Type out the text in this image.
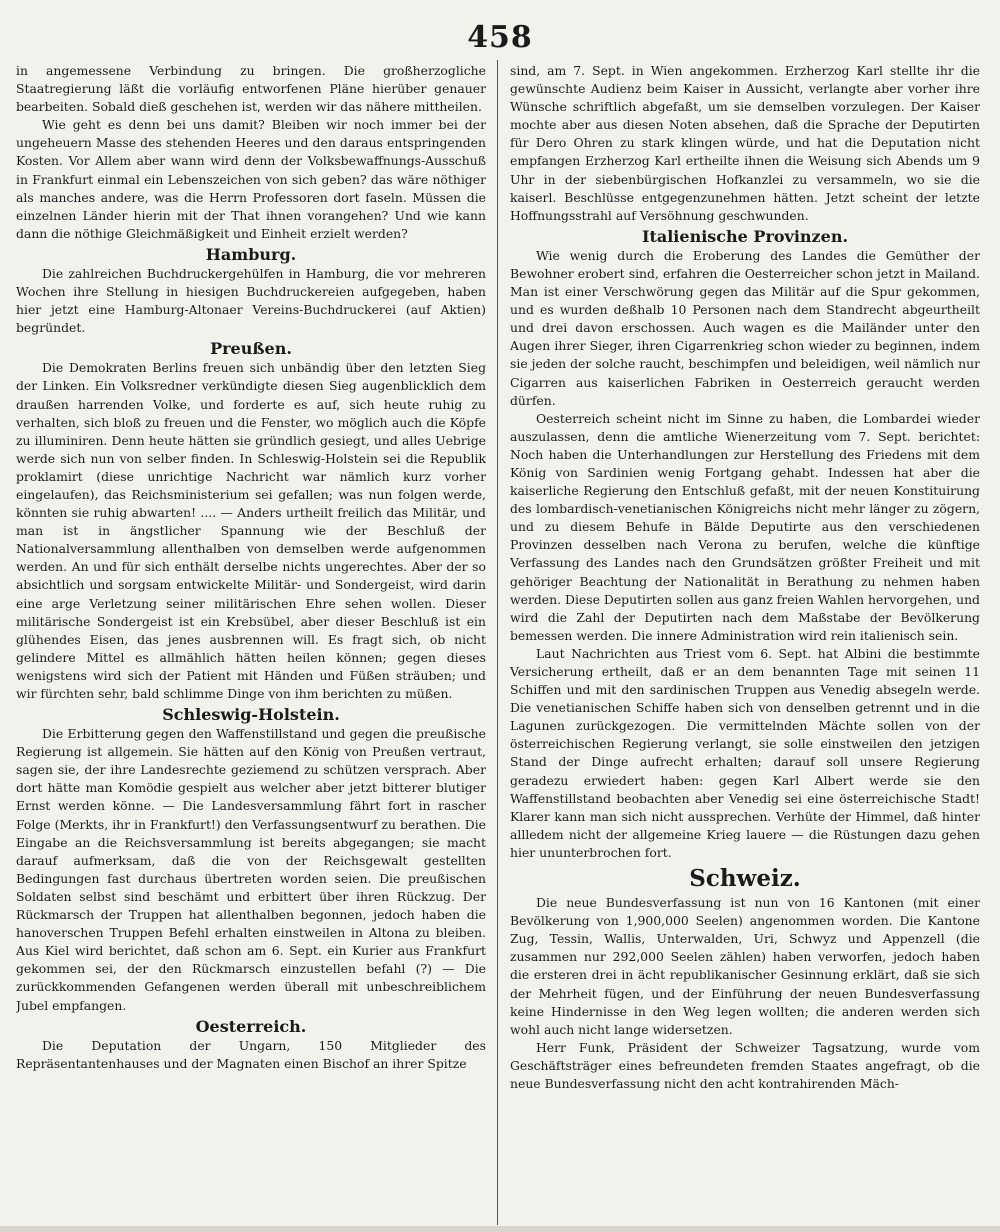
458

in angemessene Verbindung zu bringen. Die großherzogliche Staatregierung läßt die vorläufig entworfenen Pläne hierüber genauer bearbeiten. Sobald dieß geschehen ist, werden wir das nähere mittheilen.

Wie geht es denn bei uns damit? Bleiben wir noch immer bei der ungeheuern Masse des stehenden Heeres und den daraus entspringenden Kosten. Vor Allem aber wann wird denn der Volksbewaffnungs-Ausschuß in Frankfurt einmal ein Lebenszeichen von sich geben? das wäre nöthiger als manches andere, was die Herrn Professoren dort faseln. Müssen die einzelnen Länder hierin mit der That ihnen vorangehen? Und wie kann dann die nöthige Gleichmäßigkeit und Einheit erzielt werden?

Hamburg.

Die zahlreichen Buchdruckergehülfen in Hamburg, die vor mehreren Wochen ihre Stellung in hiesigen Buchdruckereien aufgegeben, haben hier jetzt eine Hamburg-Altonaer Vereins-Buchdruckerei (auf Aktien) begründet.

Preußen.

Die Demokraten Berlins freuen sich unbändig über den letzten Sieg der Linken. Ein Volksredner verkündigte diesen Sieg augenblicklich dem draußen harrenden Volke, und forderte es auf, sich heute ruhig zu verhalten, sich bloß zu freuen und die Fenster, wo möglich auch die Köpfe zu illuminiren. Denn heute hätten sie gründlich gesiegt, und alles Uebrige werde sich nun von selber finden. In Schleswig-Holstein sei die Republik proklamirt (diese unrichtige Nachricht war nämlich kurz vorher eingelaufen), das Reichsministerium sei gefallen; was nun folgen werde, könnten sie ruhig abwarten! .... — Anders urtheilt freilich das Militär, und man ist in ängstlicher Spannung wie der Beschluß der Nationalversammlung allenthalben von demselben werde aufgenommen werden. An und für sich enthält derselbe nichts ungerechtes. Aber der so absichtlich und sorgsam entwickelte Militär- und Sondergeist, wird darin eine arge Verletzung seiner militärischen Ehre sehen wollen. Dieser militärische Sondergeist ist ein Krebsübel, aber dieser Beschluß ist ein glühendes Eisen, das jenes ausbrennen will. Es fragt sich, ob nicht gelindere Mittel es allmählich hätten heilen können; gegen dieses wenigstens wird sich der Patient mit Händen und Füßen sträuben; und wir fürchten sehr, bald schlimme Dinge von ihm berichten zu müßen.

Schleswig-Holstein.

Die Erbitterung gegen den Waffenstillstand und gegen die preußische Regierung ist allgemein. Sie hätten auf den König von Preußen vertraut, sagen sie, der ihre Landesrechte geziemend zu schützen versprach. Aber dort hätte man Komödie gespielt aus welcher aber jetzt bitterer blutiger Ernst werden könne. — Die Landesversammlung fährt fort in rascher Folge (Merkts, ihr in Frankfurt!) den Verfassungsentwurf zu berathen. Die Eingabe an die Reichsversammlung ist bereits abgegangen; sie macht darauf aufmerksam, daß die von der Reichsgewalt gestellten Bedingungen fast durchaus übertreten worden seien. Die preußischen Soldaten selbst sind beschämt und erbittert über ihren Rückzug. Der Rückmarsch der Truppen hat allenthalben begonnen, jedoch haben die hanoverschen Truppen Befehl erhalten einstweilen in Altona zu bleiben. Aus Kiel wird berichtet, daß schon am 6. Sept. ein Kurier aus Frankfurt gekommen sei, der den Rückmarsch einzustellen befahl (?) — Die zurückkommenden Gefangenen werden überall mit unbeschreiblichem Jubel empfangen.

Oesterreich.

Die Deputation der Ungarn, 150 Mitglieder des Repräsentantenhauses und der Magnaten einen Bischof an ihrer Spitze

sind, am 7. Sept. in Wien angekommen. Erzherzog Karl stellte ihr die gewünschte Audienz beim Kaiser in Aussicht, verlangte aber vorher ihre Wünsche schriftlich abgefaßt, um sie demselben vorzulegen. Der Kaiser mochte aber aus diesen Noten absehen, daß die Sprache der Deputirten für Dero Ohren zu stark klingen würde, und hat die Deputation nicht empfangen Erzherzog Karl ertheilte ihnen die Weisung sich Abends um 9 Uhr in der siebenbürgischen Hofkanzlei zu versammeln, wo sie die kaiserl. Beschlüsse entgegenzunehmen hätten. Jetzt scheint der letzte Hoffnungsstrahl auf Versöhnung geschwunden.

Italienische Provinzen.

Wie wenig durch die Eroberung des Landes die Gemüther der Bewohner erobert sind, erfahren die Oesterreicher schon jetzt in Mailand. Man ist einer Verschwörung gegen das Militär auf die Spur gekommen, und es wurden deßhalb 10 Personen nach dem Standrecht abgeurtheilt und drei davon erschossen. Auch wagen es die Mailänder unter den Augen ihrer Sieger, ihren Cigarrenkrieg schon wieder zu beginnen, indem sie jeden der solche raucht, beschimpfen und beleidigen, weil nämlich nur Cigarren aus kaiserlichen Fabriken in Oesterreich geraucht werden dürfen.

Oesterreich scheint nicht im Sinne zu haben, die Lombardei wieder auszulassen, denn die amtliche Wienerzeitung vom 7. Sept. berichtet: Noch haben die Unterhandlungen zur Herstellung des Friedens mit dem König von Sardinien wenig Fortgang gehabt. Indessen hat aber die kaiserliche Regierung den Entschluß gefaßt, mit der neuen Konstituirung des lombardisch-venetianischen Königreichs nicht mehr länger zu zögern, und zu diesem Behufe in Bälde Deputirte aus den verschiedenen Provinzen desselben nach Verona zu berufen, welche die künftige Verfassung des Landes nach den Grundsätzen größter Freiheit und mit gehöriger Beachtung der Nationalität in Berathung zu nehmen haben werden. Diese Deputirten sollen aus ganz freien Wahlen hervorgehen, und wird die Zahl der Deputirten nach dem Maßstabe der Bevölkerung bemessen werden. Die innere Administration wird rein italienisch sein.

Laut Nachrichten aus Triest vom 6. Sept. hat Albini die bestimmte Versicherung ertheilt, daß er an dem benannten Tage mit seinen 11 Schiffen und mit den sardinischen Truppen aus Venedig absegeln werde. Die venetianischen Schiffe haben sich von denselben getrennt und in die Lagunen zurückgezogen. Die vermittelnden Mächte sollen von der österreichischen Regierung verlangt, sie solle einstweilen den jetzigen Stand der Dinge aufrecht erhalten; darauf soll unsere Regierung geradezu erwiedert haben: gegen Karl Albert werde sie den Waffenstillstand beobachten aber Venedig sei eine österreichische Stadt! Klarer kann man sich nicht aussprechen. Verhüte der Himmel, daß hinter allledem nicht der allgemeine Krieg lauere — die Rüstungen dazu gehen hier ununterbrochen fort.

Schweiz.

Die neue Bundesverfassung ist nun von 16 Kantonen (mit einer Bevölkerung von 1,900,000 Seelen) angenommen worden. Die Kantone Zug, Tessin, Wallis, Unterwalden, Uri, Schwyz und Appenzell (die zusammen nur 292,000 Seelen zählen) haben verworfen, jedoch haben die ersteren drei in ächt republikanischer Gesinnung erklärt, daß sie sich der Mehrheit fügen, und der Einführung der neuen Bundesverfassung keine Hindernisse in den Weg legen wollten; die anderen werden sich wohl auch nicht lange widersetzen.

Herr Funk, Präsident der Schweizer Tagsatzung, wurde vom Geschäftsträger eines befreundeten fremden Staates angefragt, ob die neue Bundesverfassung nicht den acht kontrahirenden Mäch-
